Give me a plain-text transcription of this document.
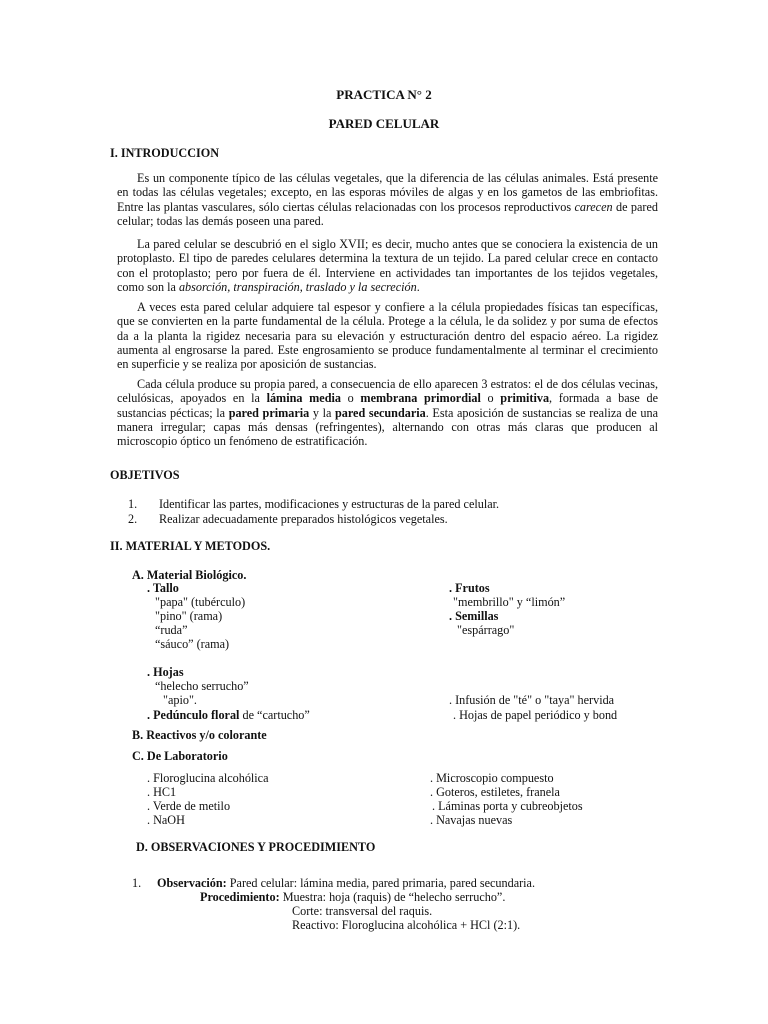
PRACTICA N° 2
PARED CELULAR
I. INTRODUCCION
Es un componente típico de las células vegetales, que la diferencia de las células animales. Está presente en todas las células vegetales; excepto, en las esporas móviles de algas y en los gametos de las embriofitas. Entre las plantas vasculares, sólo ciertas células relacionadas con los procesos reproductivos carecen de pared celular; todas las demás poseen una pared.
La pared celular se descubrió en el siglo XVII; es decir, mucho antes que se conociera la existencia de un protoplasto. El tipo de paredes celulares determina la textura de un tejido. La pared celular crece en contacto con el protoplasto; pero por fuera de él. Interviene en actividades tan importantes de los tejidos vegetales, como son la absorción, transpiración, traslado y la secreción.
A veces esta pared celular adquiere tal espesor y confiere a la célula propiedades físicas tan específicas, que se convierten en la parte fundamental de la célula. Protege a la célula, le da solidez y por suma de efectos da a la planta la rigidez necesaria para su elevación y estructuración dentro del espacio aéreo. La rigidez aumenta al engrosarse la pared. Este engrosamiento se produce fundamentalmente al terminar el crecimiento en superficie y se realiza por aposición de sustancias.
Cada célula produce su propia pared, a consecuencia de ello aparecen 3 estratos: el de dos células vecinas, celulósicas, apoyados en la lámina media o membrana primordial o primitiva, formada a base de sustancias pécticas; la pared primaria y la pared secundaria. Esta aposición de sustancias se realiza de una manera irregular; capas más densas (refringentes), alternando con otras más claras que producen al microscopio óptico un fenómeno de estratificación.
OBJETIVOS
1. Identificar las partes, modificaciones y estructuras de la pared celular.
2. Realizar adecuadamente preparados histológicos vegetales.
II. MATERIAL Y METODOS.
A. Material Biológico.
. Tallo
"papa" (tubérculo)
"pino" (rama)
“ruda”
“sáuco” (rama)
. Frutos
"membrillo" y “limón”
. Semillas
"espárrago"
. Hojas
“helecho serrucho”
"apio".	. Infusión de "té" o "taya" hervida
. Pedúnculo floral de “cartucho”	. Hojas de papel periódico y bond
B. Reactivos y/o colorante
C. De Laboratorio
. Floroglucina alcohólica
. HC1
. Verde de metilo
. NaOH
. Microscopio compuesto
. Goteros, estiletes, franela
. Láminas porta y cubreobjetos
. Navajas nuevas
D. OBSERVACIONES Y PROCEDIMIENTO
1. Observación: Pared celular: lámina media, pared primaria, pared secundaria.
Procedimiento: Muestra: hoja (raquis) de “helecho serrucho”.
Corte: transversal del raquis.
Reactivo: Floroglucina alcohólica + HCl (2:1).
